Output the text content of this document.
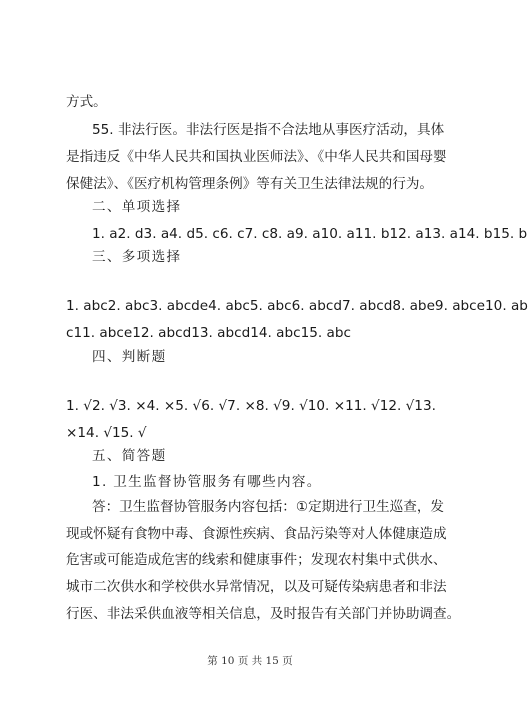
方式。
55. 非法行医。非法行医是指不合法地从事医疗活动，具体
是指违反《中华人民共和国执业医师法》、《中华人民共和国母婴
保健法》、《医疗机构管理条例》等有关卫生法律法规的行为。
二、单项选择
1. a2. d3. a4. d5. c6. c7. c8. a9. a10. a11. b12. a13. a14. b15. b
三、多项选择
1. abc2. abc3. abcde4. abc5. abc6. abcd7. abcd8. abe9. abce10. ab
c11. abce12. abcd13. abcd14. abc15. abc
四、判断题
1. √2. √3. ×4. ×5. √6. √7. ×8. √9. √10. ×11. √12. √13.
×14. √15. √
五、简答题
1. 卫生监督协管服务有哪些内容。
答：卫生监督协管服务内容包括：①定期进行卫生巡查，发
现或怀疑有食物中毒、食源性疾病、食品污染等对人体健康造成
危害或可能造成危害的线索和健康事件；发现农村集中式供水、
城市二次供水和学校供水异常情况，以及可疑传染病患者和非法
行医、非法采供血液等相关信息，及时报告有关部门并协助调查。
第 10 页 共 15 页
